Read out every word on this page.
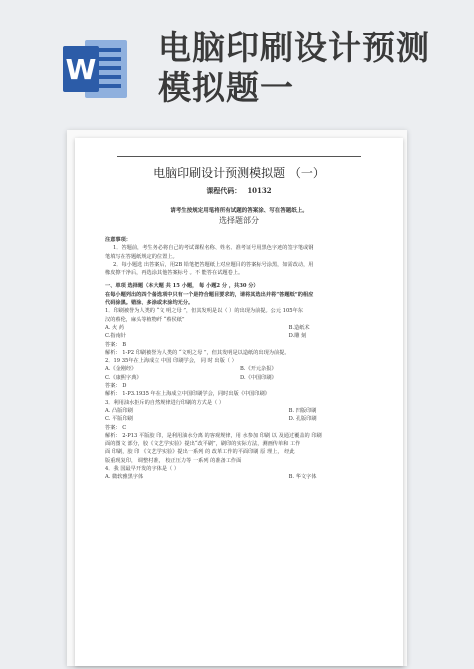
W
电脑印刷设计预测模拟题一
电脑印刷设计预测模拟题 （一）
课程代码： 10132
请考生按规定用笔将所有试题的答案涂、写在答题纸上。
选择题部分

注意事项：

1．答题前，考生务必将自己的考试课程名称、姓名、准考证号用黑色字迹的签字笔或钢

笔填写在答题纸规定的位置上。

2．每小题选 出答案后，用2B 铅笔把答题纸上对应题目的答案标号涂黑，如需改动，用

橡皮擦干净后，再选涂其他答案标号 。不 能答在试题卷上。

一、单项 选择题（本大题 共 15 小题， 每 小题2 分 ，共30 分）

在每小题列出的四个备选项中只有一个是符合题目要求的，请将其选出并将“答题纸”的相应

代码涂黑。错涂、多涂或未涂均无分。

1．印刷被誉为人类的 “文 明之母 ”，但其发明是以（ ）的出现为前提。公元 105年东

汉的蔡伦，麻头等植物纤 “蔡侯纸”

A. 火 药	B.造纸术
C.指南针	D.雕 刻

答案： B

解析： 1-P2 印刷被誉为人类的 “文明之母 ”，但其发明是以造纸的出现为前提。

2．19 35年在上海成立 中国 印刷学会， 同 时 出版（ ）

A.《金刚经》	B.《开元杂报》
C.《康熙字典》	D.《中国印刷》

答案： D

解析： 1-P3.1935 年在上海成立中国印刷学会，同时出版《中国印刷》

3．利用油水拒斥的自然规律进行印刷的方式是（ ）

A. 凸版印刷	B. 凹版印刷
C. 平版印刷	D. 孔版印刷

答案： C

解析： 2-P13 平版胶 印，是利用油水分离 的客观规律，用 水参加 印刷 以 及通过覆盖的 印刷

面的图文 部分，胶《文艺学实验》提出“改平刷”，刷印的实际方法，测画传单和 工作

面 印刷，胶 印 《文艺学实验》提出一系列 的 改革工作的平面印刷 原 理上， 经此

版重现复印， 调整村准， 校正压力等 一系列 的准备工作面

4．我 国最早开发的字体是（ ）

A. 微软雅黑字体	B. 华文字体
